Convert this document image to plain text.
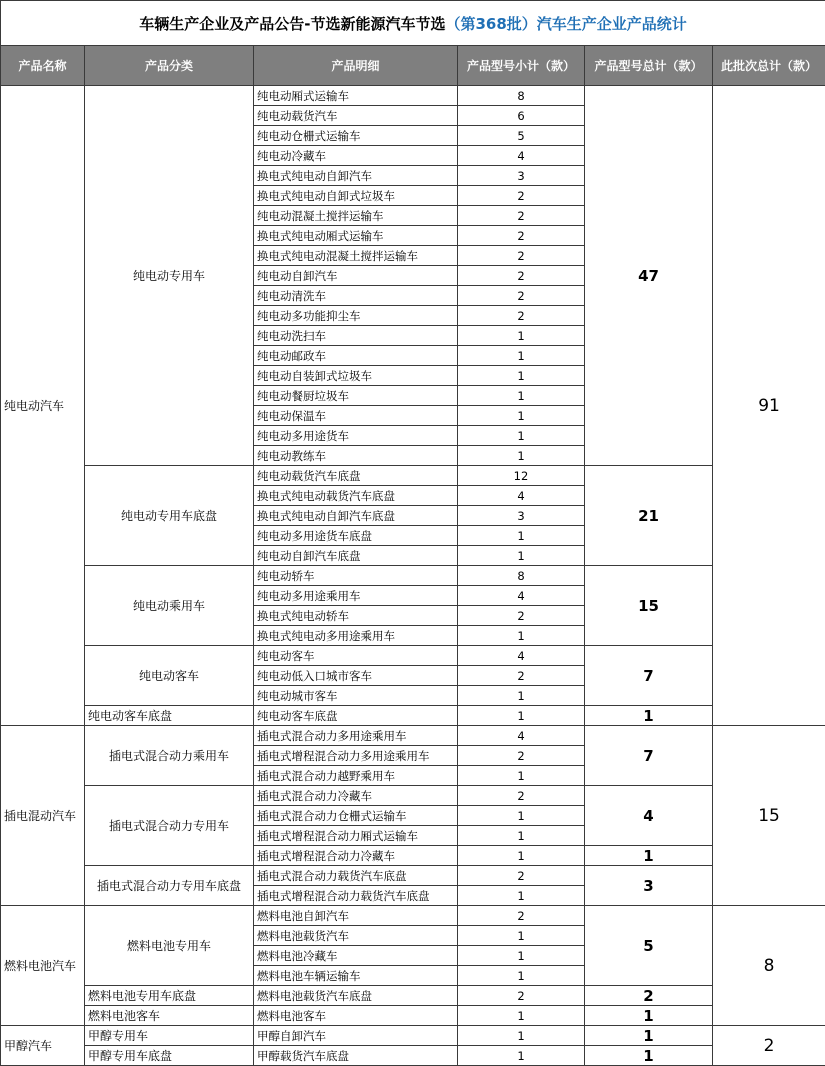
车辆生产企业及产品公告-节选新能源汽车节选（第368批）汽车生产企业产品统计					
产品名称	产品分类	产品明细	产品型号小计（款）	产品型号总计（款）	此批次总计（款）
纯电动汽车	纯电动专用车	纯电动厢式运输车	8	47	91
		纯电动载货汽车	6		
		纯电动仓栅式运输车	5		
		纯电动冷藏车	4		
		换电式纯电动自卸汽车	3		
		换电式纯电动自卸式垃圾车	2		
		纯电动混凝土搅拌运输车	2		
		换电式纯电动厢式运输车	2		
		换电式纯电动混凝土搅拌运输车	2		
		纯电动自卸汽车	2		
		纯电动清洗车	2		
		纯电动多功能抑尘车	2		
		纯电动洗扫车	1		
		纯电动邮政车	1		
		纯电动自装卸式垃圾车	1		
		纯电动餐厨垃圾车	1		
		纯电动保温车	1		
		纯电动多用途货车	1		
		纯电动教练车	1		
	纯电动专用车底盘	纯电动载货汽车底盘	12	21	
		换电式纯电动载货汽车底盘	4		
		换电式纯电动自卸汽车底盘	3		
		纯电动多用途货车底盘	1		
		纯电动自卸汽车底盘	1		
	纯电动乘用车	纯电动轿车	8	15	
		纯电动多用途乘用车	4		
		换电式纯电动轿车	2		
		换电式纯电动多用途乘用车	1		
	纯电动客车	纯电动客车	4	7	
		纯电动低入口城市客车	2		
		纯电动城市客车	1		
	纯电动客车底盘	纯电动客车底盘	1	1	
插电混动汽车	插电式混合动力乘用车	插电式混合动力多用途乘用车	4	7	15
		插电式增程混合动力多用途乘用车	2		
		插电式混合动力越野乘用车	1		
	插电式混合动力专用车	插电式混合动力冷藏车	2	4	
		插电式混合动力仓栅式运输车	1		
		插电式增程混合动力厢式运输车	1		
		插电式增程混合动力冷藏车	1	1	
	插电式混合动力专用车底盘	插电式混合动力载货汽车底盘	2	3	
		插电式增程混合动力载货汽车底盘	1		
燃料电池汽车	燃料电池专用车	燃料电池自卸汽车	2	5	8
		燃料电池载货汽车	1		
		燃料电池冷藏车	1		
		燃料电池车辆运输车	1		
	燃料电池专用车底盘	燃料电池载货汽车底盘	2	2	
	燃料电池客车	燃料电池客车	1	1	
甲醇汽车	甲醇专用车	甲醇自卸汽车	1	1	2
	甲醇专用车底盘	甲醇载货汽车底盘	1	1	
